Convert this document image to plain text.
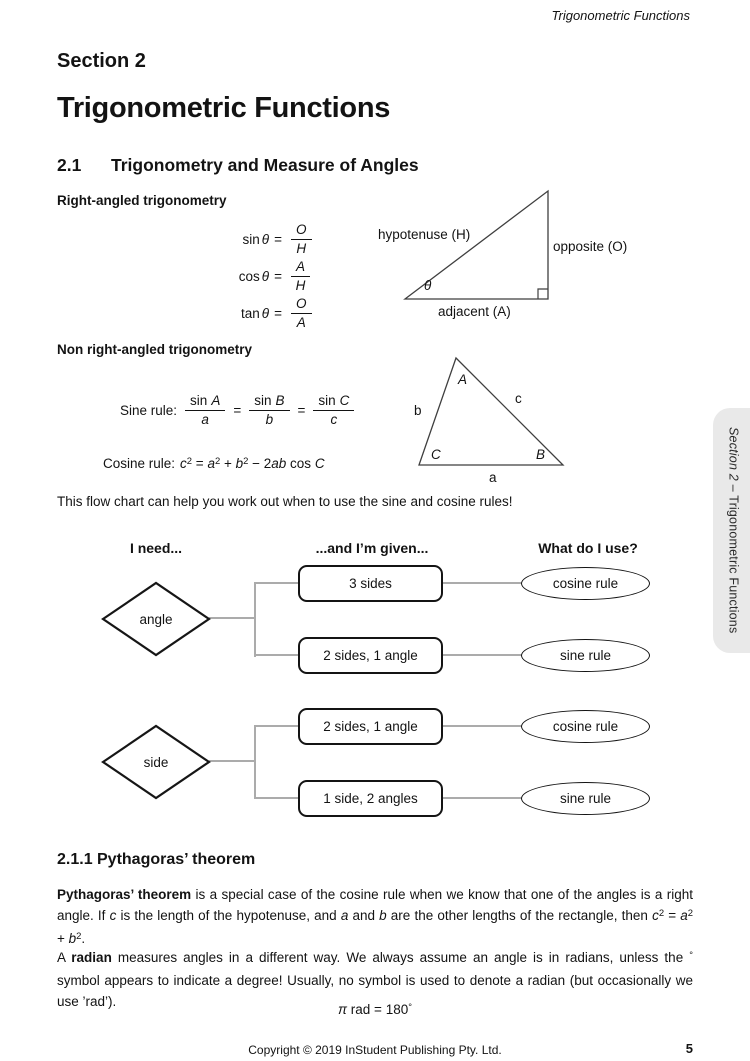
Trigonometric Functions
Section 2 – Trigonometric Functions
Section 2
Trigonometric Functions
2.1 Trigonometry and Measure of Angles
Right-angled trigonometry
$\sin \theta = \frac{O}{H}$
$\cos \theta = \frac{A}{H}$
$\tan \theta = \frac{O}{A}$
hypotenuse (H)
opposite (O)
adjacent (A)
θ
Non right-angled trigonometry
Sine rule: $\frac{\text{sin A}}{a} = \frac{\text{sin B}}{b} = \frac{\text{sin C}}{c}$
Cosine rule: $c^2 = a^2 + b^2 - 2ab$ cos C
A
B
C
a
b
c
This flow chart can help you work out when to use the sine and cosine rules!
I need...	...and I’m given...	What do I use?
angle
side
3 sides
2 sides, 1 angle
2 sides, 1 angle
1 side, 2 angles
cosine rule
sine rule
cosine rule
sine rule
2.1.1 Pythagoras’ theorem
Pythagoras’ theorem is a special case of the cosine rule when we know that one of the angles is a right angle. If c is the length of the hypotenuse, and a and b are the other lengths of the rectangle, then $c^2 = a^2 + b^2$.
A radian measures angles in a different way. We always assume an angle is in radians, unless the ° symbol appears to indicate a degree! Usually, no symbol is used to denote a radian (but occasionally we use ’rad’).
π rad = 180°
Copyright © 2019 InStudent Publishing Pty. Ltd.	5
